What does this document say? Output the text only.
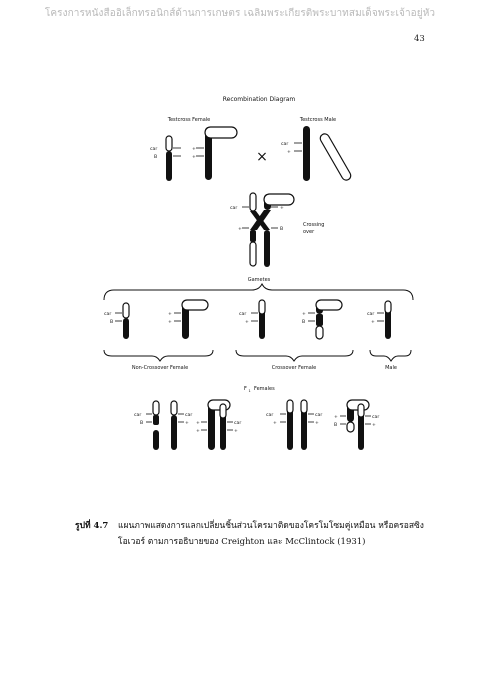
โครงการหนังสืออิเล็กทรอนิกส์ด้านการเกษตร เฉลิมพระเกียรติพระบาทสมเด็จพระเจ้าอยู่หัว
43
Recombination Diagram
Testcross Female	Testcross Male
car
B
+
+	×
car
+
car	+
+	B
Crossing
over
Gametes
car
B
+
+
car
+
+
B
car
+
Non-Crossover Female	Crossover Female	Male
F 1 Females
car
B
car
+ +
+
car
+
car
+
car
+
+
B
car
+
รูปที่ 4.7 แผนภาพแสดงการแลกเปลี่ยนชิ้นส่วนโครมาติดของโครโมโซมคู่เหมือน หรือครอสซิง
โอเวอร์ ตามการอธิบายของ Creighton และ McClintock (1931)
